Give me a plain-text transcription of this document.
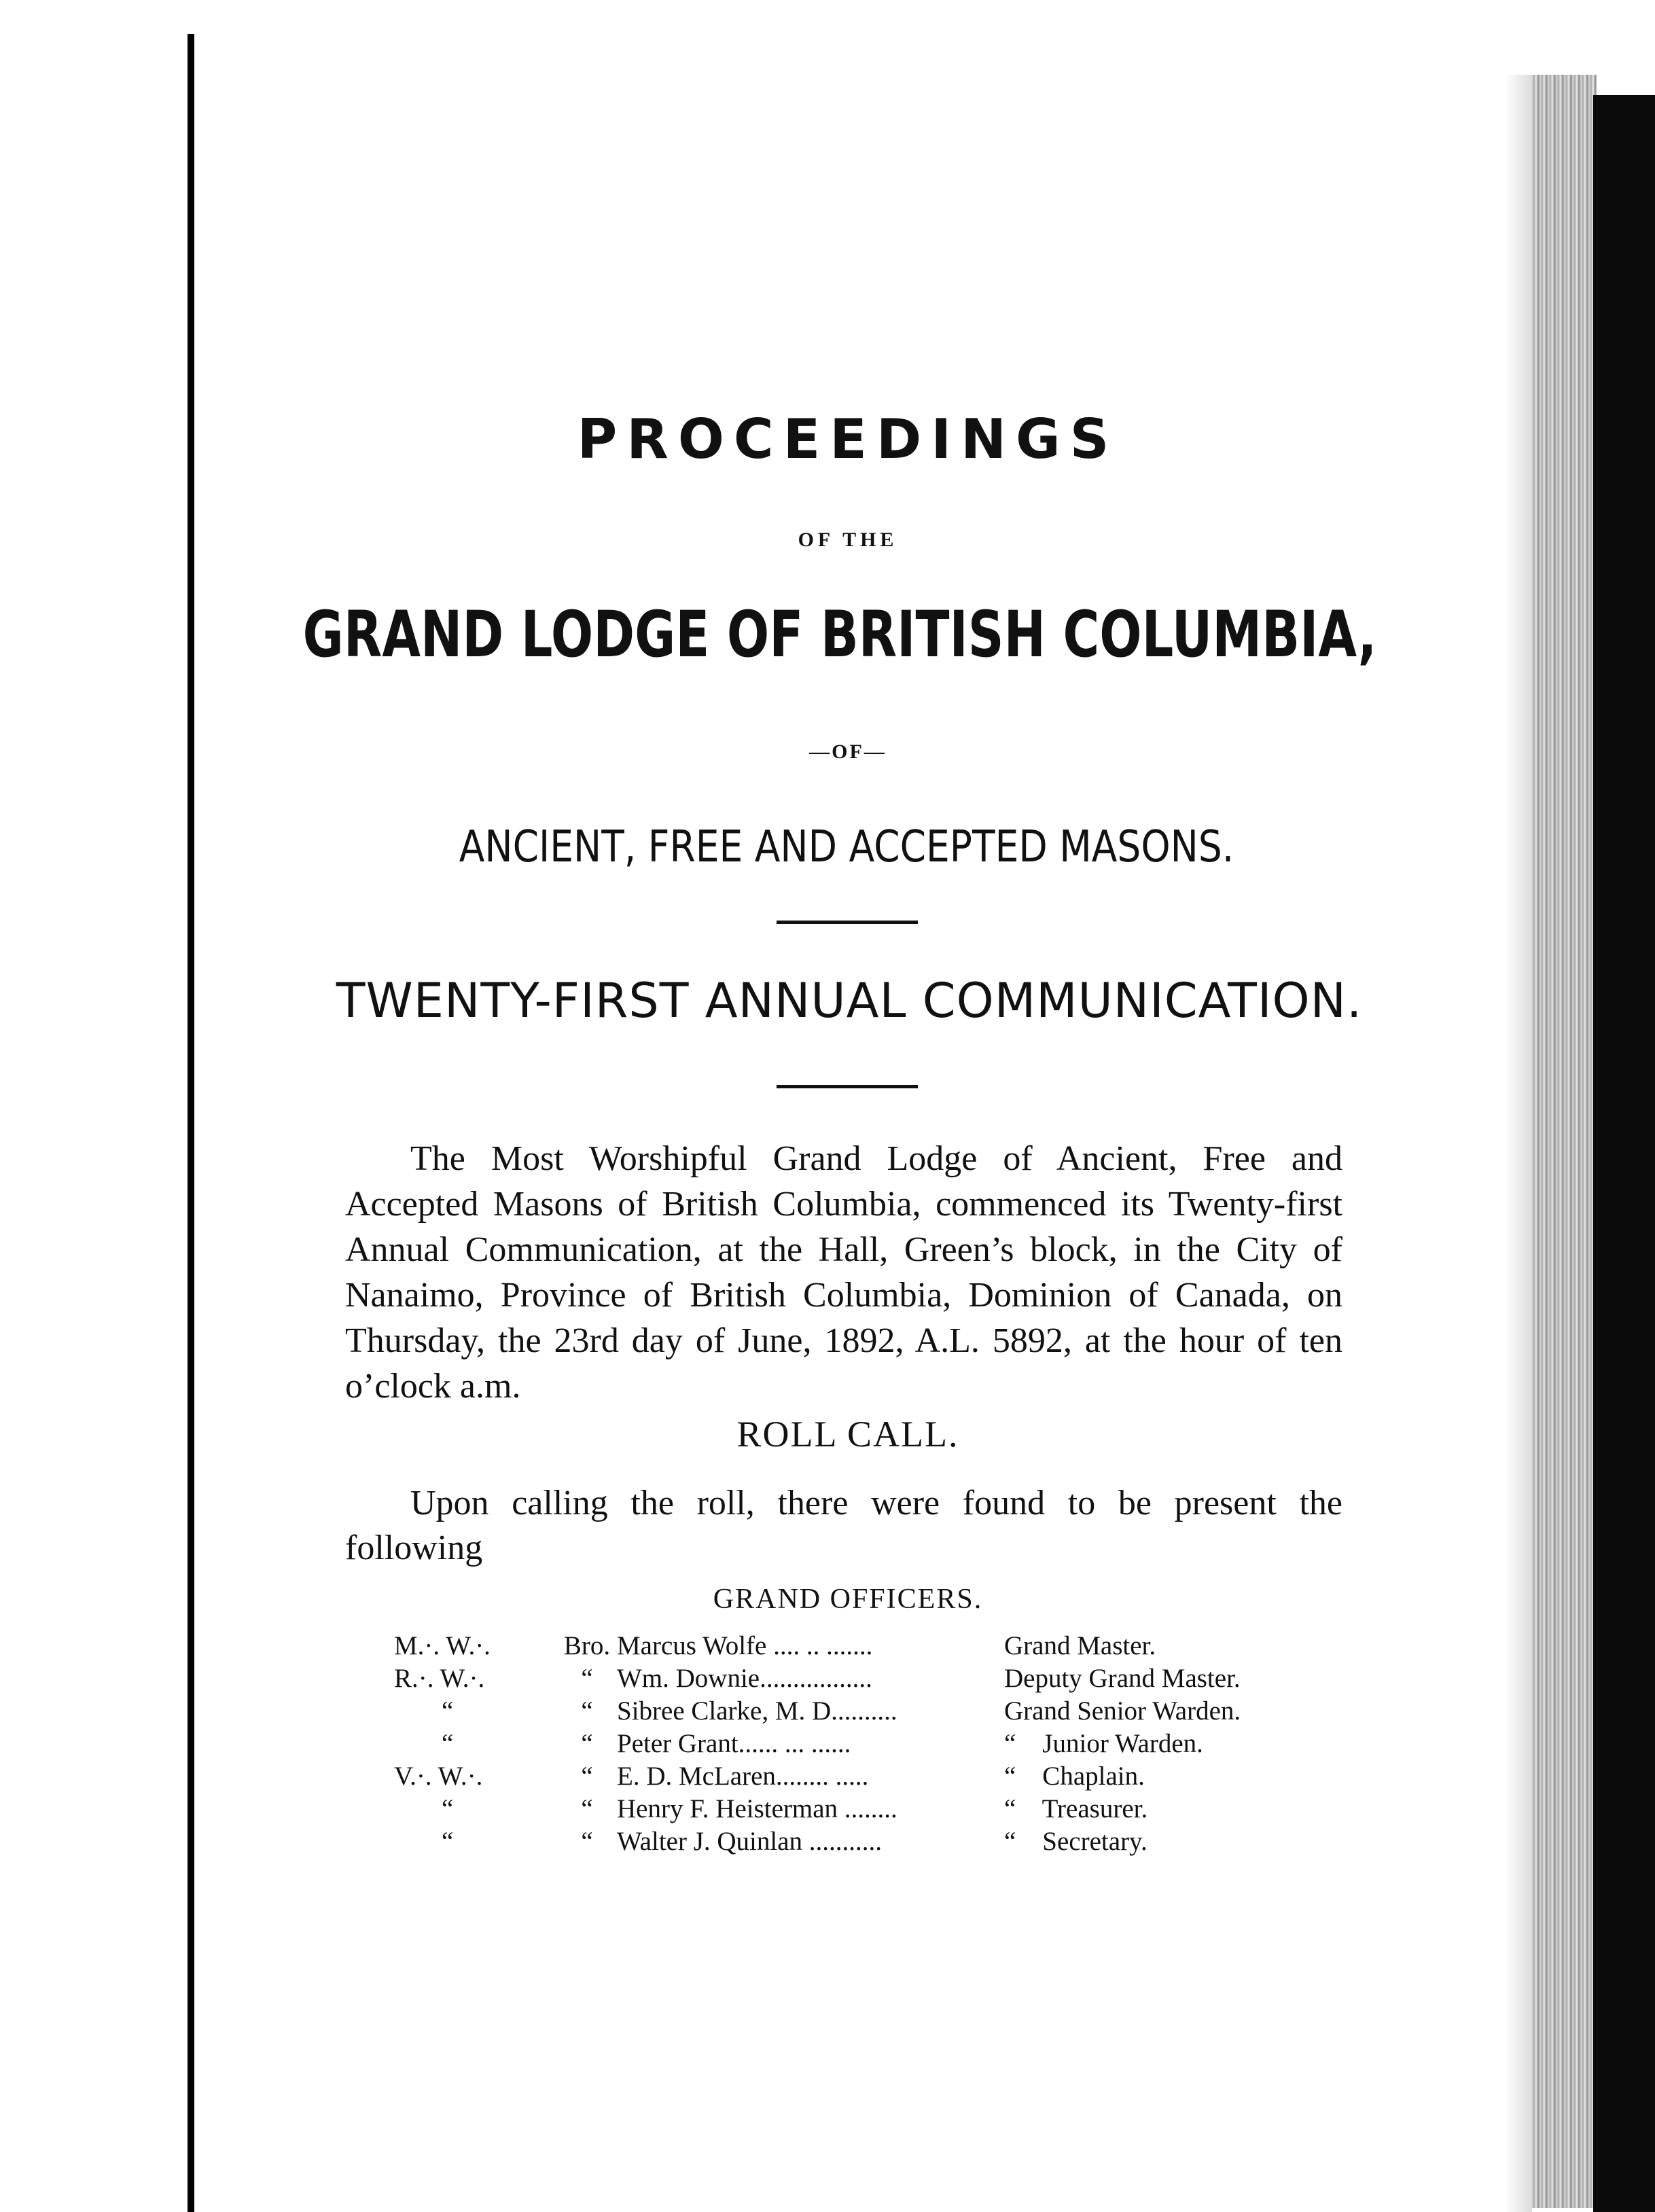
PROCEEDINGS
OF THE
GRAND LODGE OF BRITISH COLUMBIA,
—OF—
ANCIENT, FREE AND ACCEPTED MASONS.
TWENTY-FIRST ANNUAL COMMUNICATION.

The Most Worshipful Grand Lodge of Ancient, Free and Accepted Masons of British Columbia, commenced its Twenty-first Annual Communication, at the Hall, Green’s block, in the City of Nanaimo, Province of British Columbia, Dominion of Canada, on Thursday, the 23rd day of June, 1892, A.L. 5892, at the hour of ten o’clock a.m.

ROLL CALL.

Upon calling the roll, there were found to be present the following

GRAND OFFICERS.
M.·. W.·.	Bro.	Marcus Wolfe .... .. .......	Grand Master.
R.·. W.·.	“	Wm. Downie.................	Deputy Grand Master.
“	“	Sibree Clarke, M. D..........	Grand Senior Warden.
“	“	Peter Grant...... ... ......	“    Junior Warden.
V.·. W.·.	“	E. D. McLaren........ .....	“    Chaplain.
“	“	Henry F. Heisterman ........	“    Treasurer.
“	“	Walter J. Quinlan ...........	“    Secretary.
